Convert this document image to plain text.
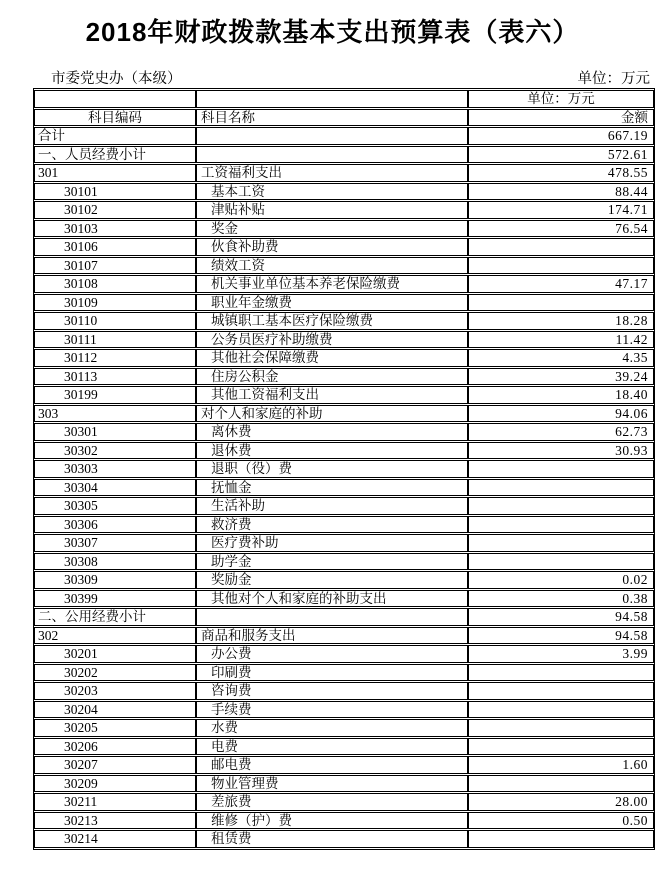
2018年财政拨款基本支出预算表（表六）
市委党史办（本级）	单位：万元
		单位：万元
科目编码	科目名称	金额
合计		667.19
一、人员经费小计		572.61
301	工资福利支出	478.55
30101	基本工资	88.44
30102	津贴补贴	174.71
30103	奖金	76.54
30106	伙食补助费	
30107	绩效工资	
30108	机关事业单位基本养老保险缴费	47.17
30109	职业年金缴费	
30110	城镇职工基本医疗保险缴费	18.28
30111	公务员医疗补助缴费	11.42
30112	其他社会保障缴费	4.35
30113	住房公积金	39.24
30199	其他工资福利支出	18.40
303	对个人和家庭的补助	94.06
30301	离休费	62.73
30302	退休费	30.93
30303	退职（役）费	
30304	抚恤金	
30305	生活补助	
30306	救济费	
30307	医疗费补助	
30308	助学金	
30309	奖励金	0.02
30399	其他对个人和家庭的补助支出	0.38
二、公用经费小计		94.58
302	商品和服务支出	94.58
30201	办公费	3.99
30202	印刷费	
30203	咨询费	
30204	手续费	
30205	水费	
30206	电费	
30207	邮电费	1.60
30209	物业管理费	
30211	差旅费	28.00
30213	维修（护）费	0.50
30214	租赁费	
